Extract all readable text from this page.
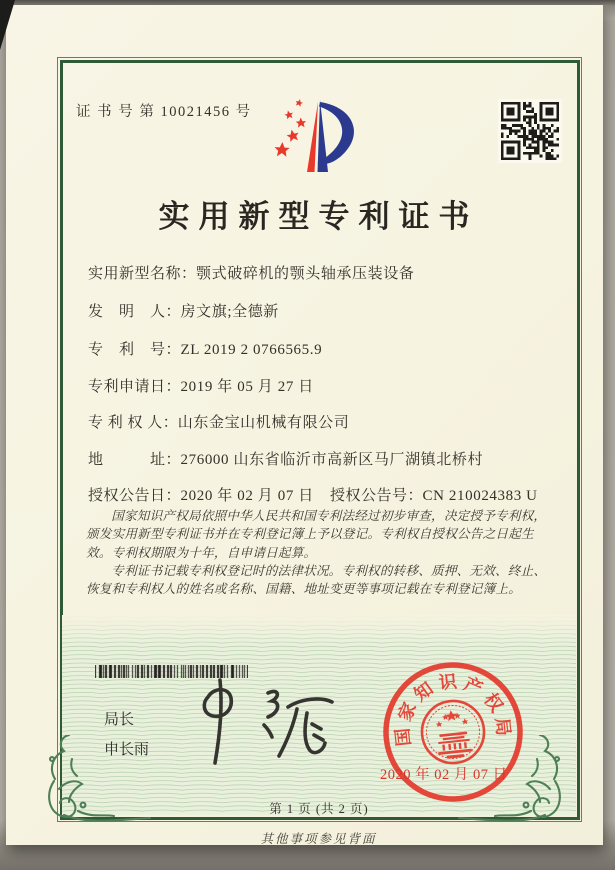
证 书 号 第 10021456 号
实用新型专利证书
实用新型名称：颚式破碎机的颚头轴承压装设备
发　明　人：房文旗;全德新
专　利　号：ZL 2019 2 0766565.9
专利申请日：2019 年 05 月 27 日
专 利 权 人：山东金宝山机械有限公司
地　　　址：276000 山东省临沂市高新区马厂湖镇北桥村
授权公告日：2020 年 02 月 07 日 授权公告号：CN 210024383 U

国家知识产权局依照中华人民共和国专利法经过初步审查，决定授予专利权，颁发实用新型专利证书并在专利登记簿上予以登记。专利权自授权公告之日起生效。专利权期限为十年，自申请日起算。

专利证书记载专利权登记时的法律状况。专利权的转移、质押、无效、终止、恢复和专利权人的姓名或名称、国籍、地址变更等事项记载在专利登记簿上。

局长
申长雨
国
家
知 识 产
权
局
2020 年 02 月 07 日
第 1 页 (共 2 页)
其他事项参见背面
